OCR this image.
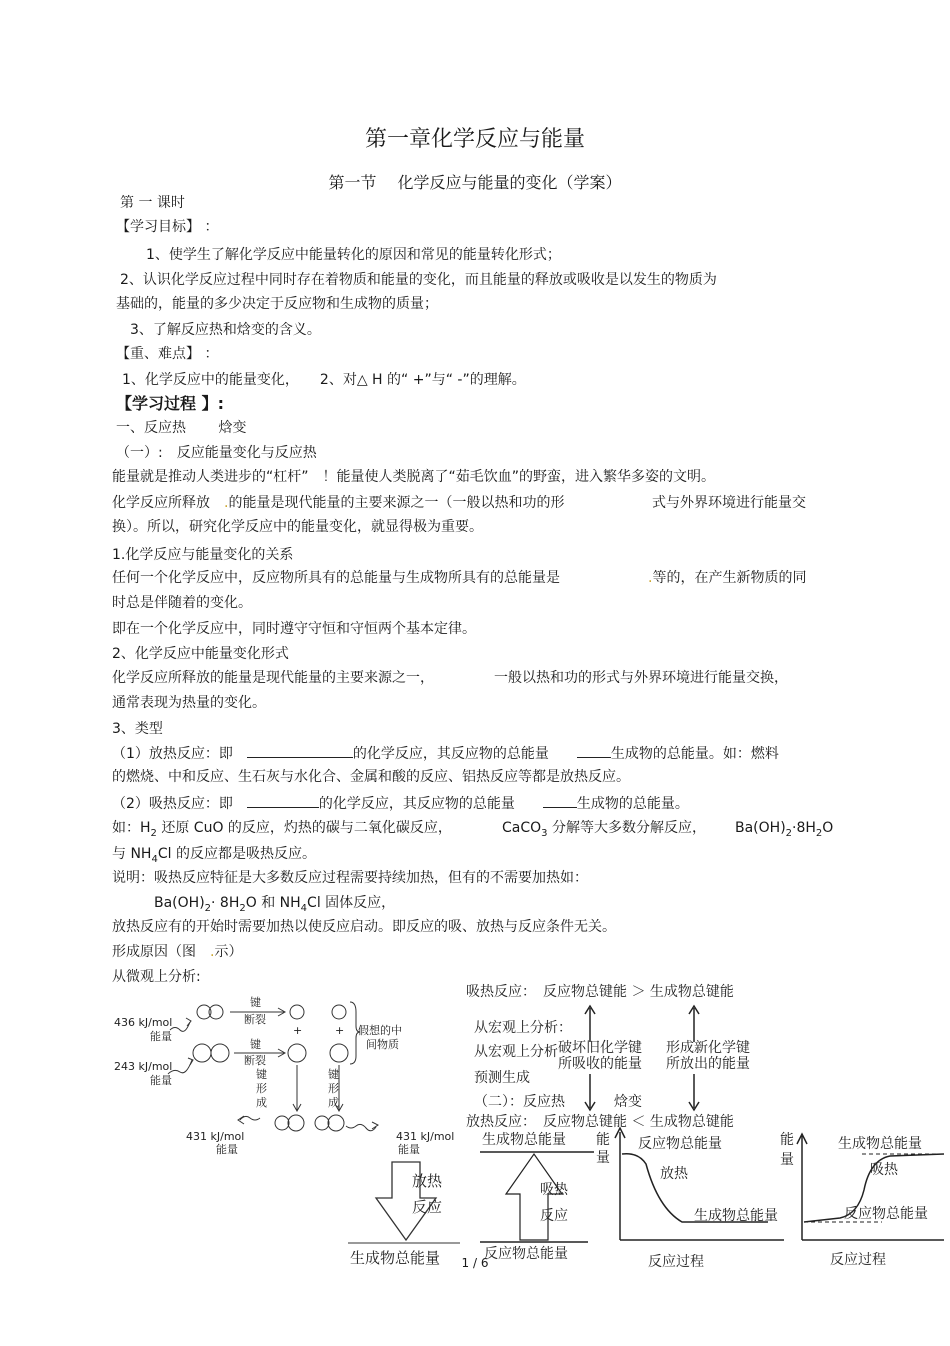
第一章化学反应与能量
第一节　 化学反应与能量的变化（学案）
第 一 课时
【学习目标】 ：
1、使学生了解化学反应中能量转化的原因和常见的能量转化形式；
2、认识化学反应过程中同时存在着物质和能量的变化，而且能量的释放或吸收是以发生的物质为
基础的，能量的多少决定于反应物和生成物的质量；
3、了解反应热和焓变的含义。
【重、难点】 ：
1、化学反应中的能量变化，　　2、对△ H 的“ +”与“ -”的理解。
【学习过程 】:
一、反应热　　 焓变
（一）:　反应能量变化与反应热
能量就是推动人类进步的“杠杆”　！能量使人类脱离了“茹毛饮血”的野蛮，进入繁华多姿的文明。
化学反应所释放　 .的能量是现代能量的主要来源之一（一般以热和功的形	式与外界环境进行能量交
换）。所以，研究化学反应中的能量变化，就显得极为重要。
1.化学反应与能量变化的关系
任何一个化学反应中，反应物所具有的总能量与生成物所具有的总能量是	.等的，在产生新物质的同
时总是伴随着的变化。
即在一个化学反应中，同时遵守守恒和守恒两个基本定律。
2、化学反应中能量变化形式
化学反应所释放的能量是现代能量的主要来源之一，	一般以热和功的形式与外界环境进行能量交换，
通常表现为热量的变化。
3、类型
（1）放热反应：即　	的化学反应，其反应物的总能量　　	生成物的总能量。如：燃料
的燃烧、中和反应、生石灰与水化合、金属和酸的反应、铝热反应等都是放热反应。
（2）吸热反应：即　	的化学反应，其反应物的总能量　　	生成物的总能量。
如：$H_2$ 还原 CuO 的反应，灼热的碳与二氧化碳反应，	CaCO$_3$ 分解等大多数分解反应， $Ba(OH)_2\cdot 8H_2O$
与 $NH_4Cl$ 的反应都是吸热反应。
说明：吸热反应特征是大多数反应过程需要持续加热，但有的不需要加热如：
$Ba(OH)_2\cdot 8H_2O$ 和 $NH_4Cl$ 固体反应，
放热反应有的开始时需要加热以使反应启动。即反应的吸、放热与反应条件无关。
形成原因（图　 .示）
从微观上分析:
436 kJ/mol
能量
243 kJ/mol
能量
431 kJ/mol
能量
431 kJ/mol
能量
键
断裂
键
断裂
键
形
成
键
形
成
假想的中
间物质
+	+
放热
反应
生成物总能量
吸热反应：　反应物总键能 ＞ 生成物总键能
从宏观上分析：
从宏观上分析
预测生成
破坏旧化学键
所吸收的能量
形成新化学键
所放出的能量
（二）：反应热	焓变
放热反应：　反应物总键能 ＜ 生成物总键能
生成物总能量
吸热
反应
反应物总能量
能
量
反应物总能量
放热
生成物总能量
反应过程
能
量
生成物总能量
吸热
反应物总能量
反应过程
1 / 6
